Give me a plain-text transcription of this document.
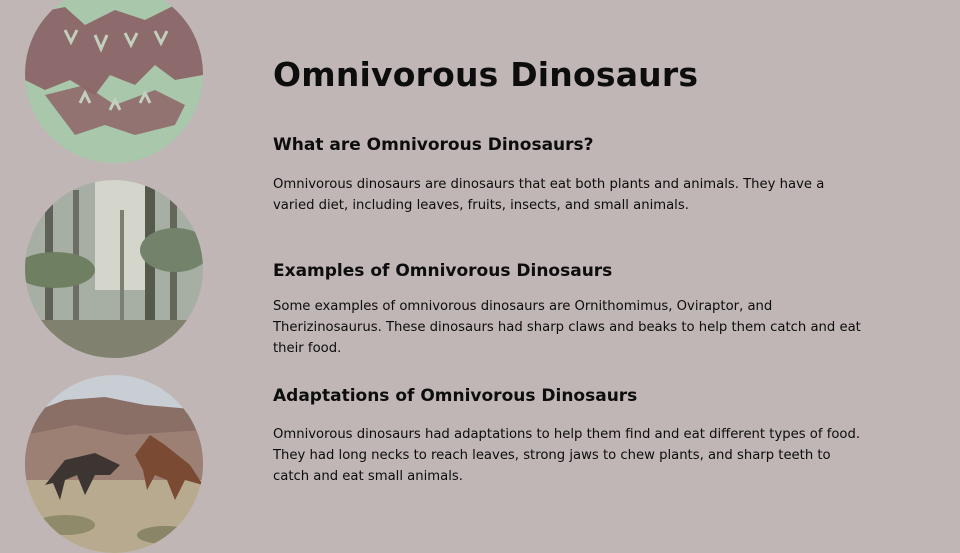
Omnivorous Dinosaurs
What are Omnivorous Dinosaurs?

Omnivorous dinosaurs are dinosaurs that eat both plants and animals. They have a varied diet, including leaves, fruits, insects, and small animals.

Examples of Omnivorous Dinosaurs

Some examples of omnivorous dinosaurs are Ornithomimus, Oviraptor, and Therizinosaurus. These dinosaurs had sharp claws and beaks to help them catch and eat their food.

Adaptations of Omnivorous Dinosaurs

Omnivorous dinosaurs had adaptations to help them find and eat different types of food. They had long necks to reach leaves, strong jaws to chew plants, and sharp teeth to catch and eat small animals.
